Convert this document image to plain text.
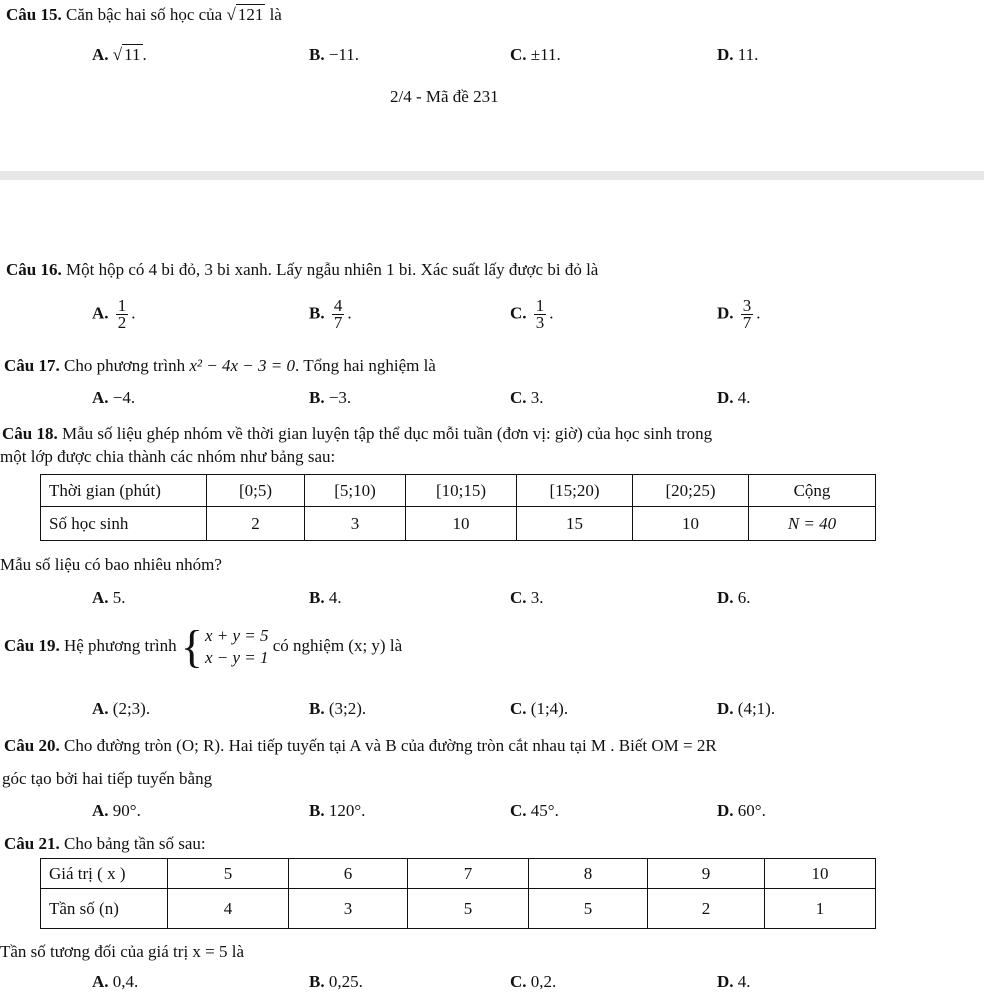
Câu 15. Căn bậc hai số học của √ 121 là
A. √ 11 .	B. −11.	C. ±11.	D. 11.
2/4 - Mã đề 231
Câu 16. Một hộp có 4 bi đỏ, 3 bi xanh. Lấy ngẫu nhiên 1 bi. Xác suất lấy được bi đỏ là
A. $\frac{1}{2}$ .	B. $\frac{4}{7}$ .	C. $\frac{1}{3}$ .	D. $\frac{3}{7}$ .
Câu 17. Cho phương trình x² − 4x − 3 = 0. Tổng hai nghiệm là
A. −4.	B. −3.	C. 3.	D. 4.
Câu 18. Mẫu số liệu ghép nhóm về thời gian luyện tập thể dục mỗi tuần (đơn vị: giờ) của học sinh trong
một lớp được chia thành các nhóm như bảng sau:
Thời gian (phút)	[0;5)	[5;10)	[10;15)	[15;20)	[20;25)	Cộng
Số học sinh	2	3	10	15	10	N = 40
Mẫu số liệu có bao nhiêu nhóm?
A. 5.	B. 4.	C. 3.	D. 6.
Câu 19. Hệ phương trình { x + y = 5
x − y = 1
có nghiệm (x; y) là
A. (2;3).	B. (3;2).	C. (1;4).	D. (4;1).
Câu 20. Cho đường tròn (O; R). Hai tiếp tuyến tại A và B của đường tròn cắt nhau tại M . Biết OM = 2R
góc tạo bởi hai tiếp tuyến bằng
A. 90°.	B. 120°.	C. 45°.	D. 60°.
Câu 21. Cho bảng tần số sau:
Giá trị ( x )	5	6	7	8	9	10
Tần số (n)	4	3	5	5	2	1
Tần số tương đối của giá trị x = 5 là
A. 0,4.	B. 0,25.	C. 0,2.	D. 4.
